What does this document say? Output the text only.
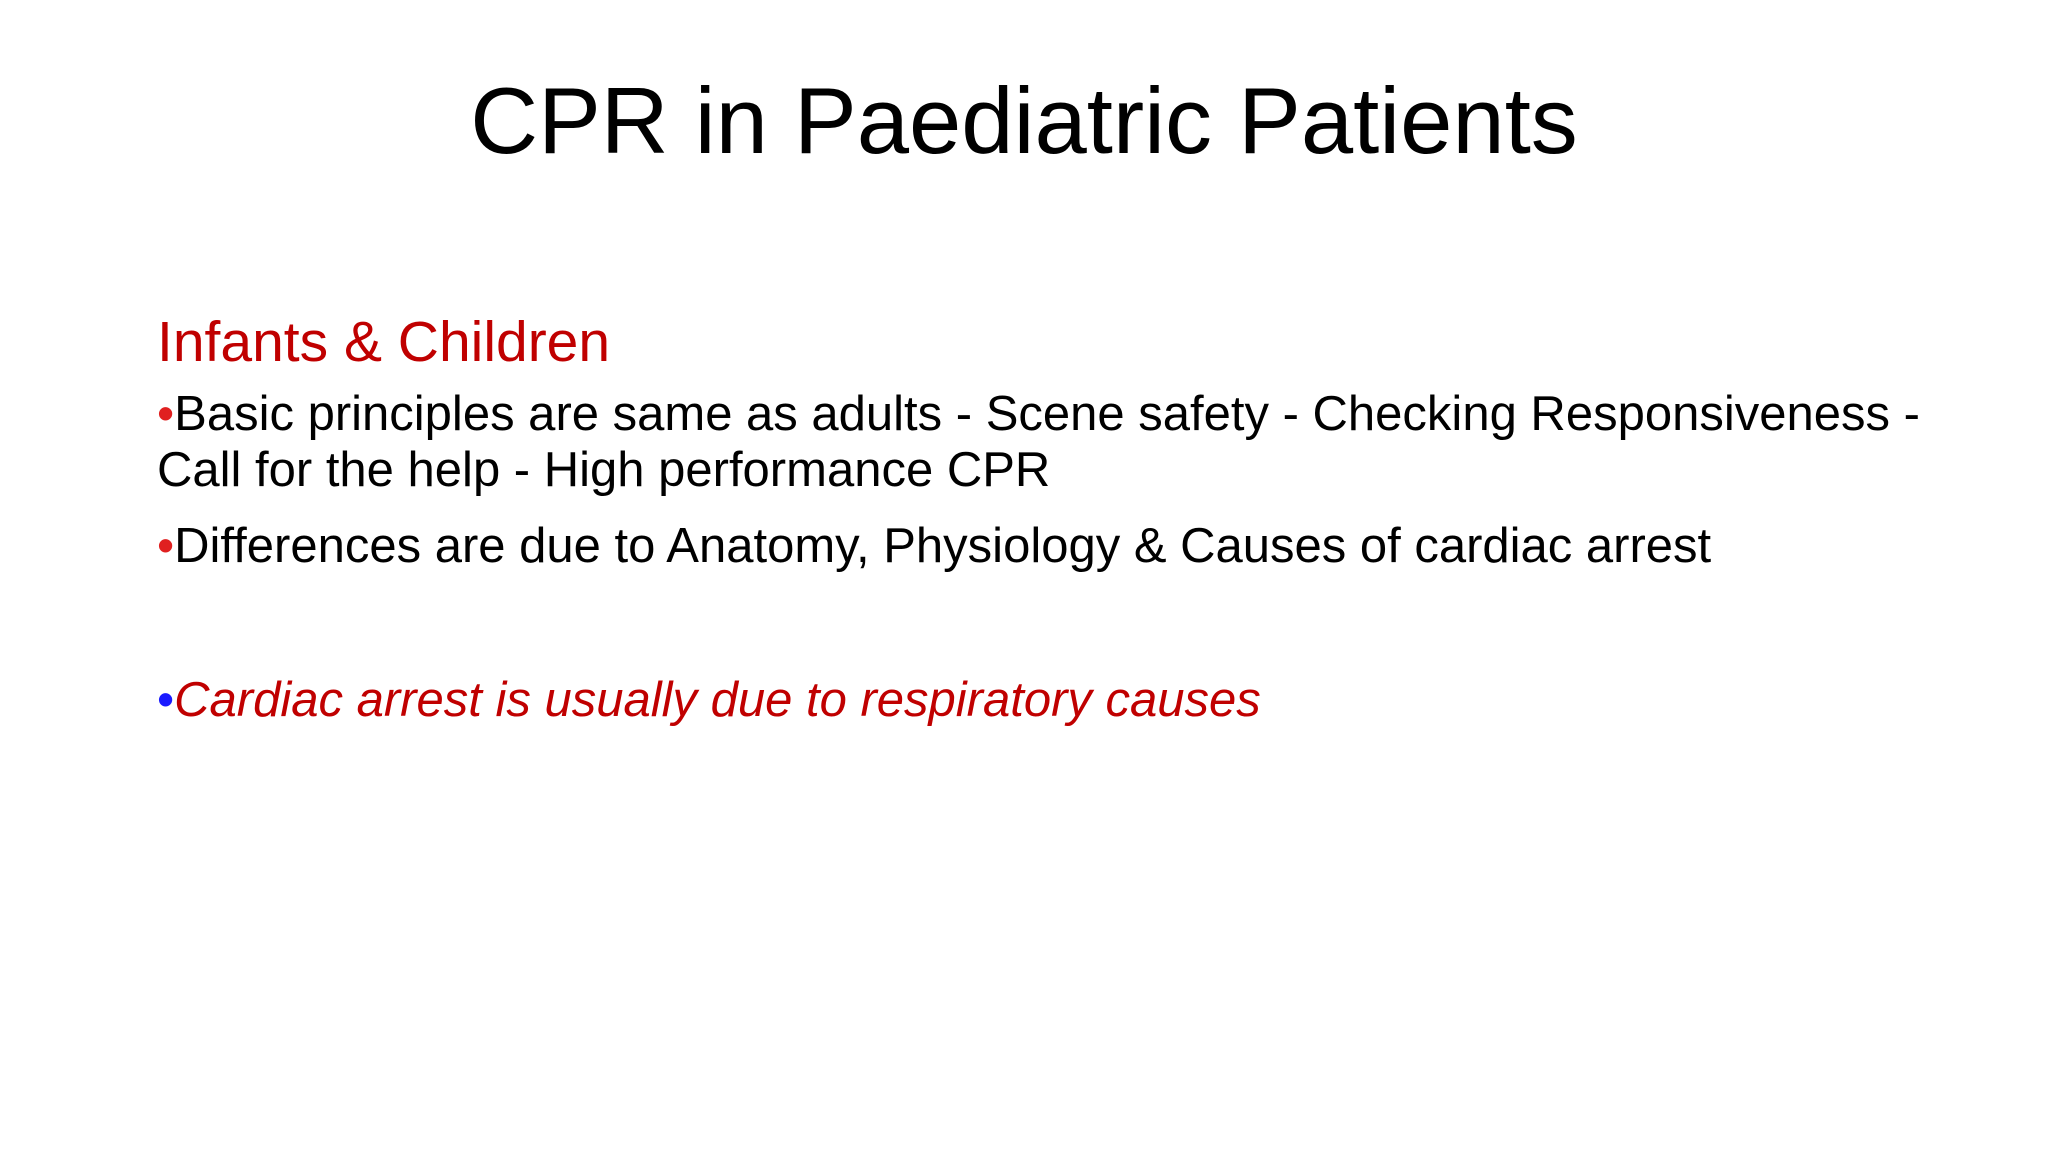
CPR in Paediatric Patients
Infants & Children
•Basic principles are same as adults - Scene safety - Checking Responsiveness - Call for the help - High performance CPR
•Differences are due to Anatomy, Physiology & Causes of cardiac arrest
•Cardiac arrest is usually due to respiratory causes
